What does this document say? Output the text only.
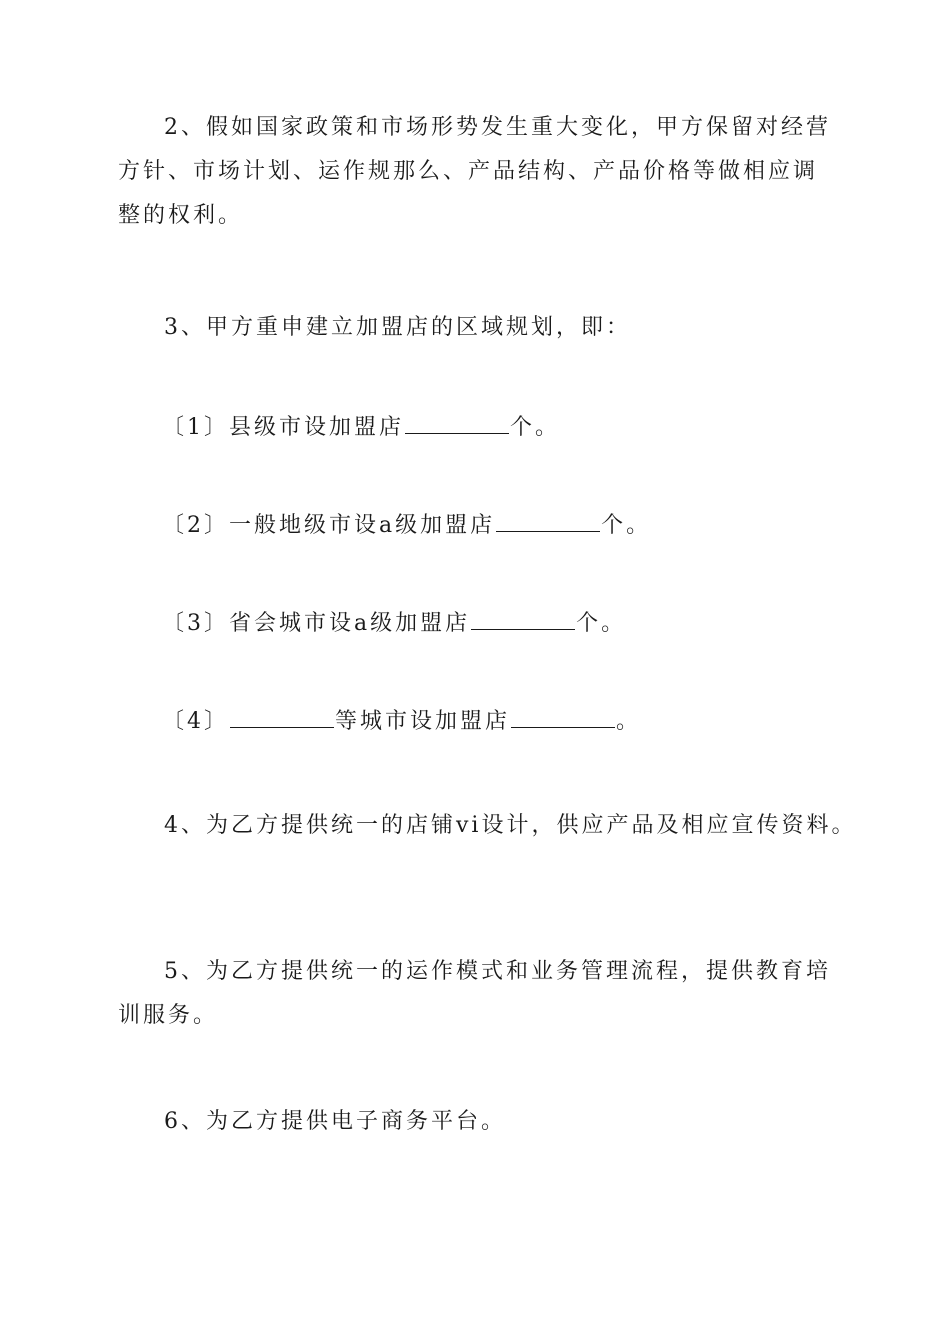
2、假如国家政策和市场形势发生重大变化，甲方保留对经营方针、市场计划、运作规那么、产品结构、产品价格等做相应调整的权利。

3、甲方重申建立加盟店的区域规划，即：

〔1〕县级市设加盟店	个。

〔2〕一般地级市设a级加盟店	个。

〔3〕省会城市设a级加盟店	个。

〔4〕	等城市设加盟店	。

4、为乙方提供统一的店铺vi设计，供应产品及相应宣传资料。

5、为乙方提供统一的运作模式和业务管理流程，提供教育培训服务。

6、为乙方提供电子商务平台。
